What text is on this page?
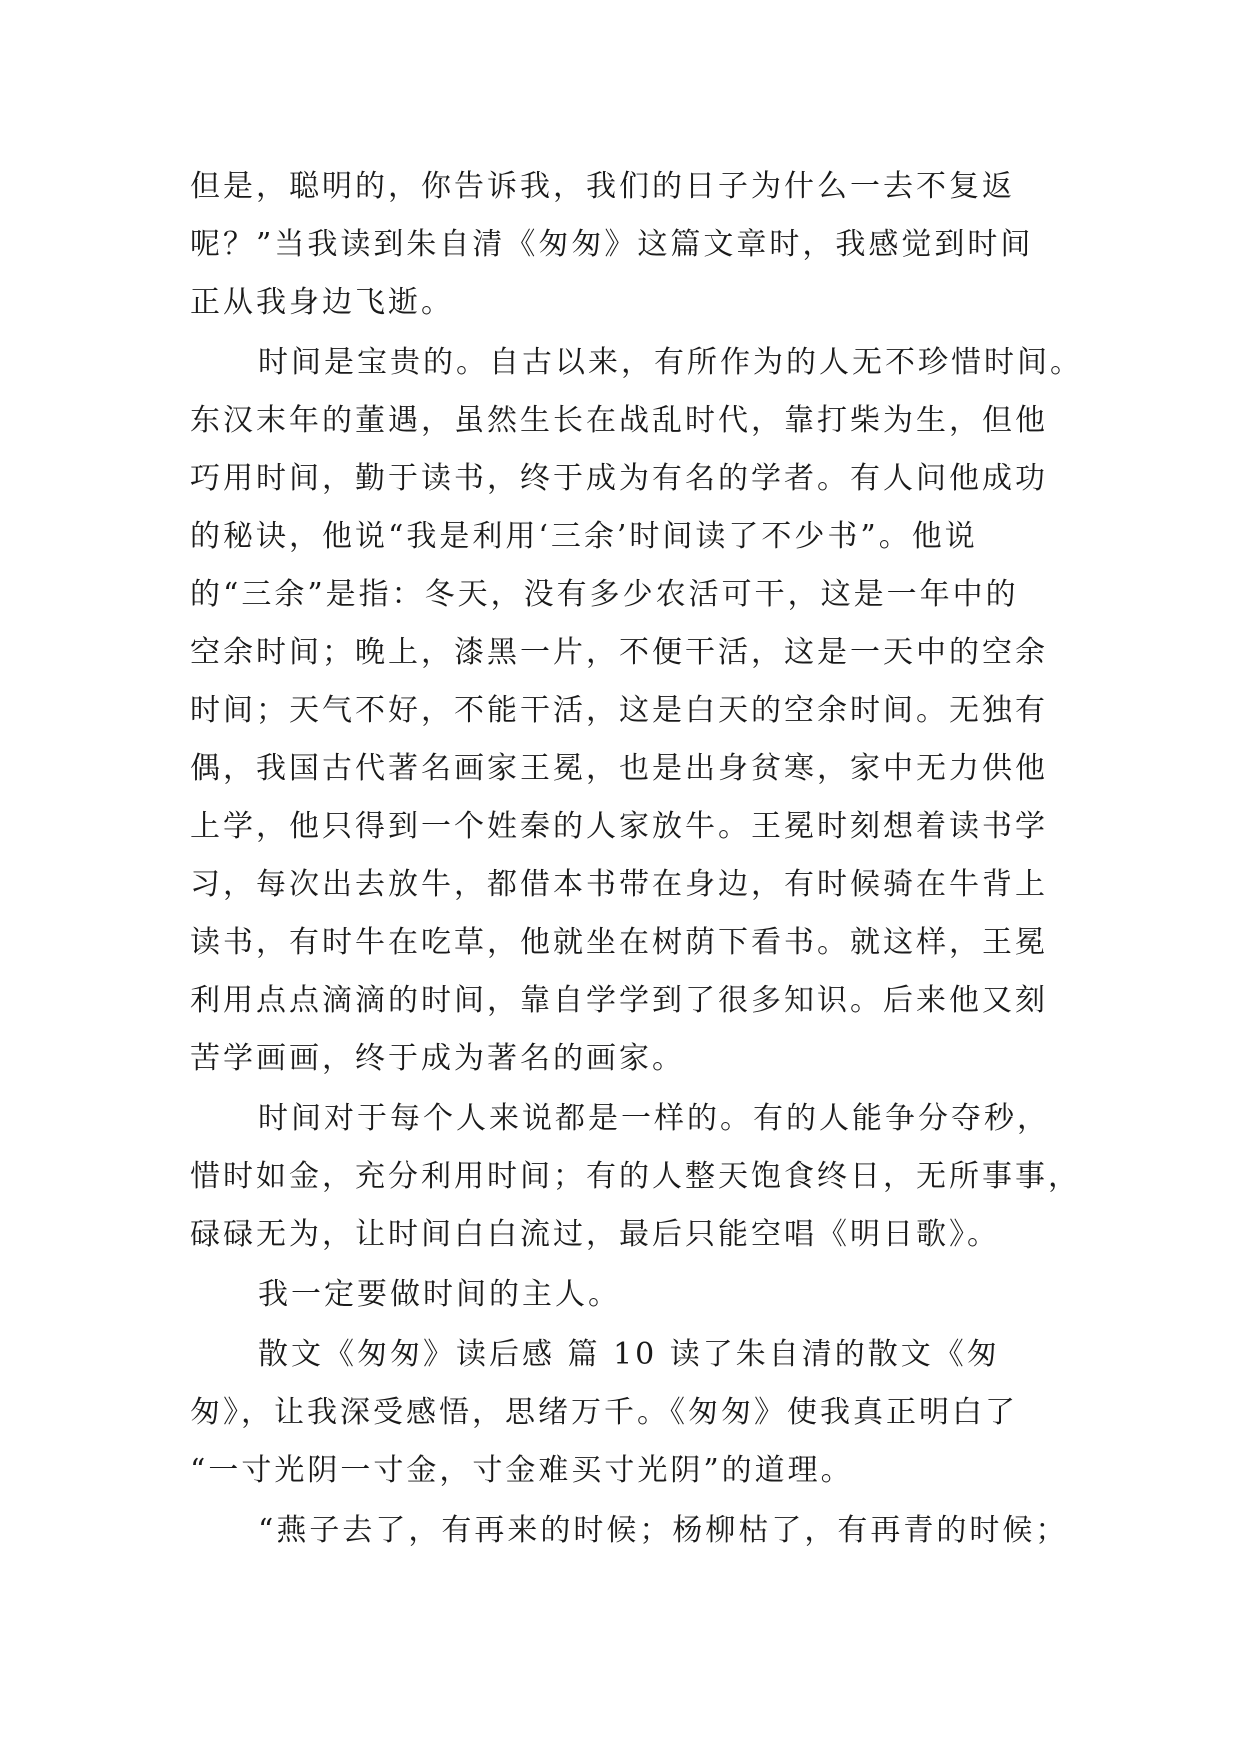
但是，聪明的，你告诉我，我们的日子为什么一去不复返
呢？”当我读到朱自清《匆匆》这篇文章时，我感觉到时间
正从我身边飞逝。
时间是宝贵的。自古以来，有所作为的人无不珍惜时间。
东汉末年的董遇，虽然生长在战乱时代，靠打柴为生，但他
巧用时间，勤于读书，终于成为有名的学者。有人问他成功
的秘诀，他说“我是利用‘三余’时间读了不少书”。他说
的“三余”是指：冬天，没有多少农活可干，这是一年中的
空余时间；晚上，漆黑一片，不便干活，这是一天中的空余
时间；天气不好，不能干活，这是白天的空余时间。无独有
偶，我国古代著名画家王冕，也是出身贫寒，家中无力供他
上学，他只得到一个姓秦的人家放牛。王冕时刻想着读书学
习，每次出去放牛，都借本书带在身边，有时候骑在牛背上
读书，有时牛在吃草，他就坐在树荫下看书。就这样，王冕
利用点点滴滴的时间，靠自学学到了很多知识。后来他又刻
苦学画画，终于成为著名的画家。
时间对于每个人来说都是一样的。有的人能争分夺秒，
惜时如金，充分利用时间；有的人整天饱食终日，无所事事，
碌碌无为，让时间白白流过，最后只能空唱《明日歌》。
我一定要做时间的主人。
散文《匆匆》读后感 篇 10 读了朱自清的散文《匆
匆》，让我深受感悟，思绪万千。《匆匆》使我真正明白了
“一寸光阴一寸金，寸金难买寸光阴”的道理。
“燕子去了，有再来的时候；杨柳枯了，有再青的时候；
